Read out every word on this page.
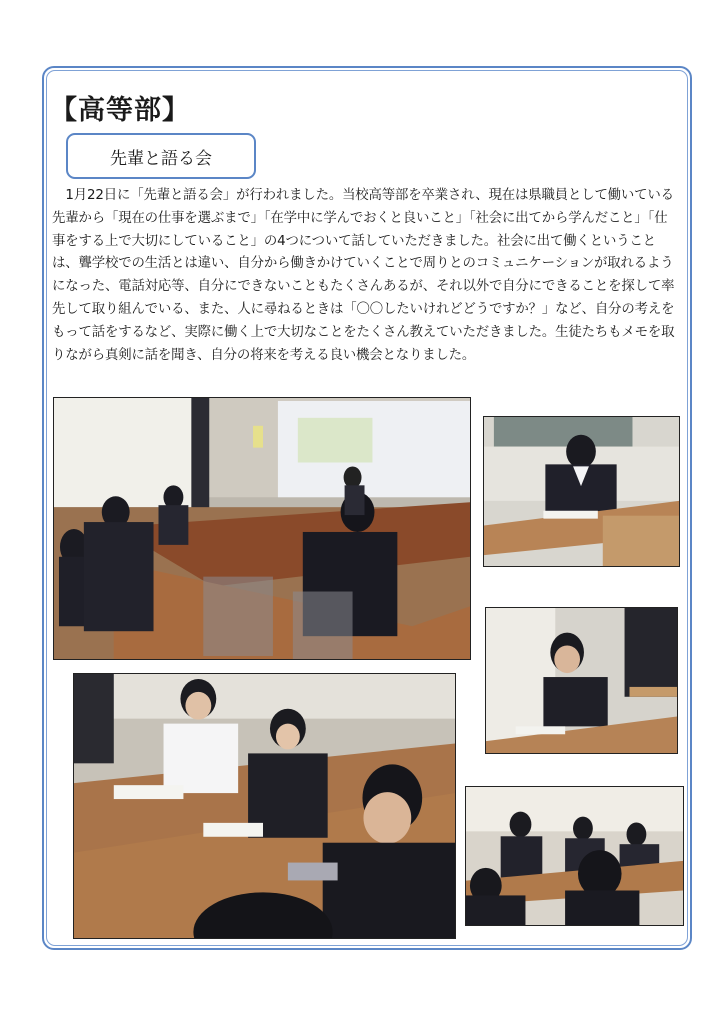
【高等部】
先輩と語る会

1月22日に「先輩と語る会」が行われました。当校高等部を卒業され、現在は県職員として働いている先輩から「現在の仕事を選ぶまで」「在学中に学んでおくと良いこと」「社会に出てから学んだこと」「仕事をする上で大切にしていること」の4つについて話していただきました。社会に出て働くということは、聾学校での生活とは違い、自分から働きかけていくことで周りとのコミュニケーションが取れるようになった、電話対応等、自分にできないこともたくさんあるが、それ以外で自分にできることを探して率先して取り組んでいる、また、人に尋ねるときは「〇〇したいけれどどうですか？」など、自分の考えをもって話をするなど、実際に働く上で大切なことをたくさん教えていただきました。生徒たちもメモを取りながら真剣に話を聞き、自分の将来を考える良い機会となりました。
